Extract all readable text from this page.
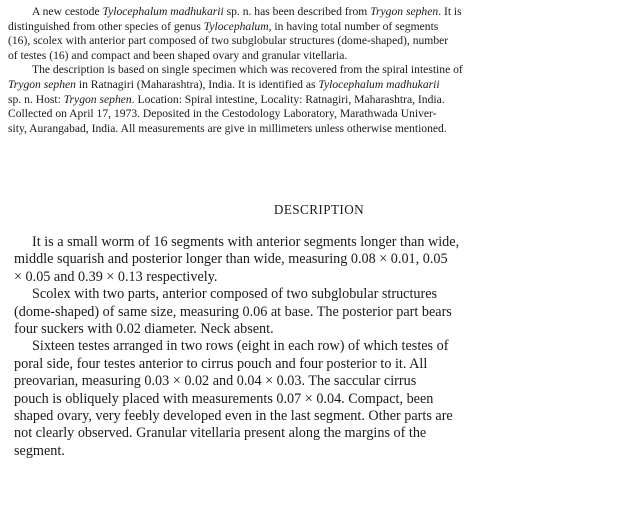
A new cestode Tylocephalum madhukarii sp. n. has been described from Trygon sephen. It is
distinguished from other species of genus Tylocephalum, in having total number of segments
(16), scolex with anterior part composed of two subglobular structures (dome-shaped), number
of testes (16) and compact and been shaped ovary and granular vitellaria.

The description is based on single specimen which was recovered from the spiral intestine of
Trygon sephen in Ratnagiri (Maharashtra), India. It is identified as Tylocephalum madhukarii
sp. n. Host: Trygon sephen. Location: Spiral intestine, Locality: Ratnagiri, Maharashtra, India.
Collected on April 17, 1973. Deposited in the Cestodology Laboratory, Marathwada Univer-
sity, Aurangabad, India. All measurements are give in millimeters unless otherwise mentioned.

DESCRIPTION

It is a small worm of 16 segments with anterior segments longer than wide,
middle squarish and posterior longer than wide, measuring 0.08 × 0.01, 0.05
× 0.05 and 0.39 × 0.13 respectively.

Scolex with two parts, anterior composed of two subglobular structures
(dome-shaped) of same size, measuring 0.06 at base. The posterior part bears
four suckers with 0.02 diameter. Neck absent.

Sixteen testes arranged in two rows (eight in each row) of which testes of
poral side, four testes anterior to cirrus pouch and four posterior to it. All
preovarian, measuring 0.03 × 0.02 and 0.04 × 0.03. The saccular cirrus
pouch is obliquely placed with measurements 0.07 × 0.04. Compact, been
shaped ovary, very feebly developed even in the last segment. Other parts are
not clearly observed. Granular vitellaria present along the margins of the
segment.
